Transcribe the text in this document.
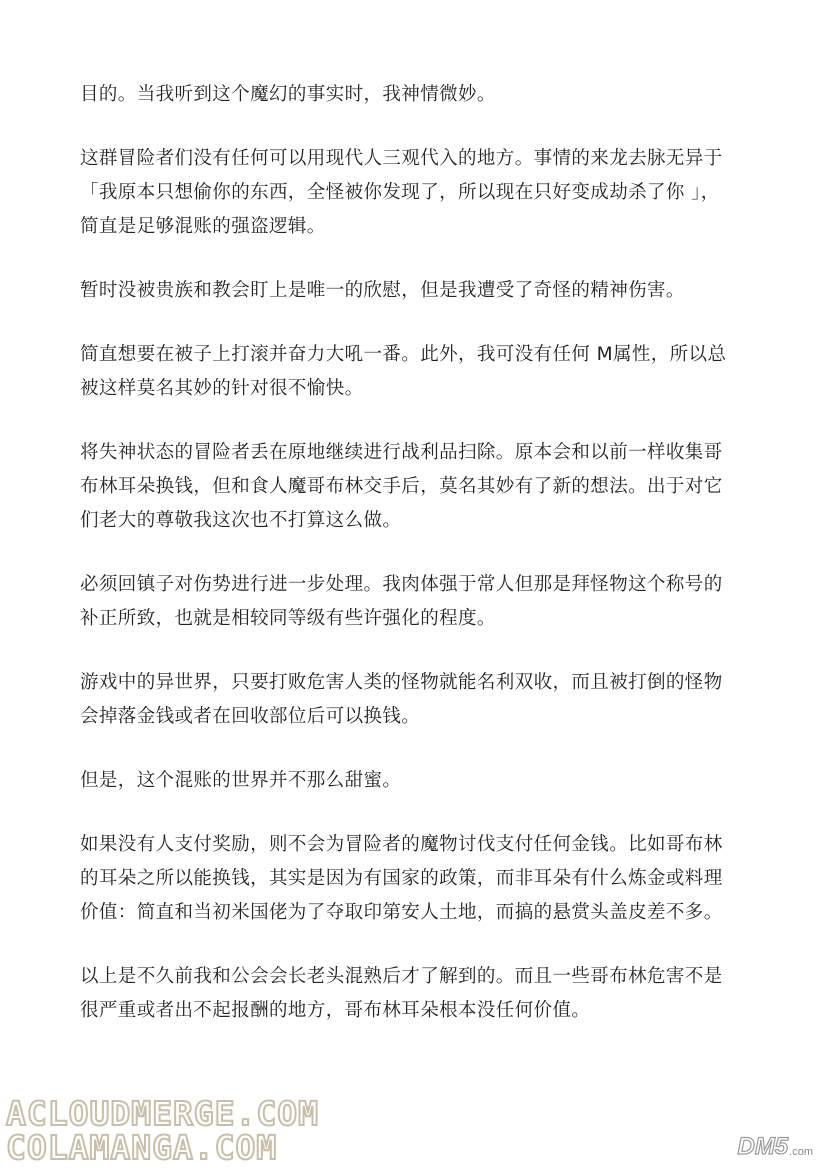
目的。当我听到这个魔幻的事实时，我神情微妙。

这群冒险者们没有任何可以用现代人三观代入的地方。事情的来龙去脉无异于
「我原本只想偷你的东西，全怪被你发现了，所以现在只好变成劫杀了你 」，
简直是足够混账的强盗逻辑。

暂时没被贵族和教会盯上是唯一的欣慰，但是我遭受了奇怪的精神伤害。

简直想要在被子上打滚并奋力大吼一番。此外，我可没有任何 M属性，所以总
被这样莫名其妙的针对很不愉快。

将失神状态的冒险者丢在原地继续进行战利品扫除。原本会和以前一样收集哥
布林耳朵换钱，但和食人魔哥布林交手后，莫名其妙有了新的想法。出于对它
们老大的尊敬我这次也不打算这么做。

必须回镇子对伤势进行进一步处理。我肉体强于常人但那是拜怪物这个称号的
补正所致，也就是相较同等级有些许强化的程度。

游戏中的异世界，只要打败危害人类的怪物就能名利双收，而且被打倒的怪物
会掉落金钱或者在回收部位后可以换钱。

但是，这个混账的世界并不那么甜蜜。

如果没有人支付奖励，则不会为冒险者的魔物讨伐支付任何金钱。比如哥布林
的耳朵之所以能换钱，其实是因为有国家的政策，而非耳朵有什么炼金或料理
价值：简直和当初米国佬为了夺取印第安人土地，而搞的悬赏头盖皮差不多。

以上是不久前我和公会会长老头混熟后才了解到的。而且一些哥布林危害不是
很严重或者出不起报酬的地方，哥布林耳朵根本没任何价值。

ACLOUDMERGE.COM
COLAMANGA.COM	DM5 .com
